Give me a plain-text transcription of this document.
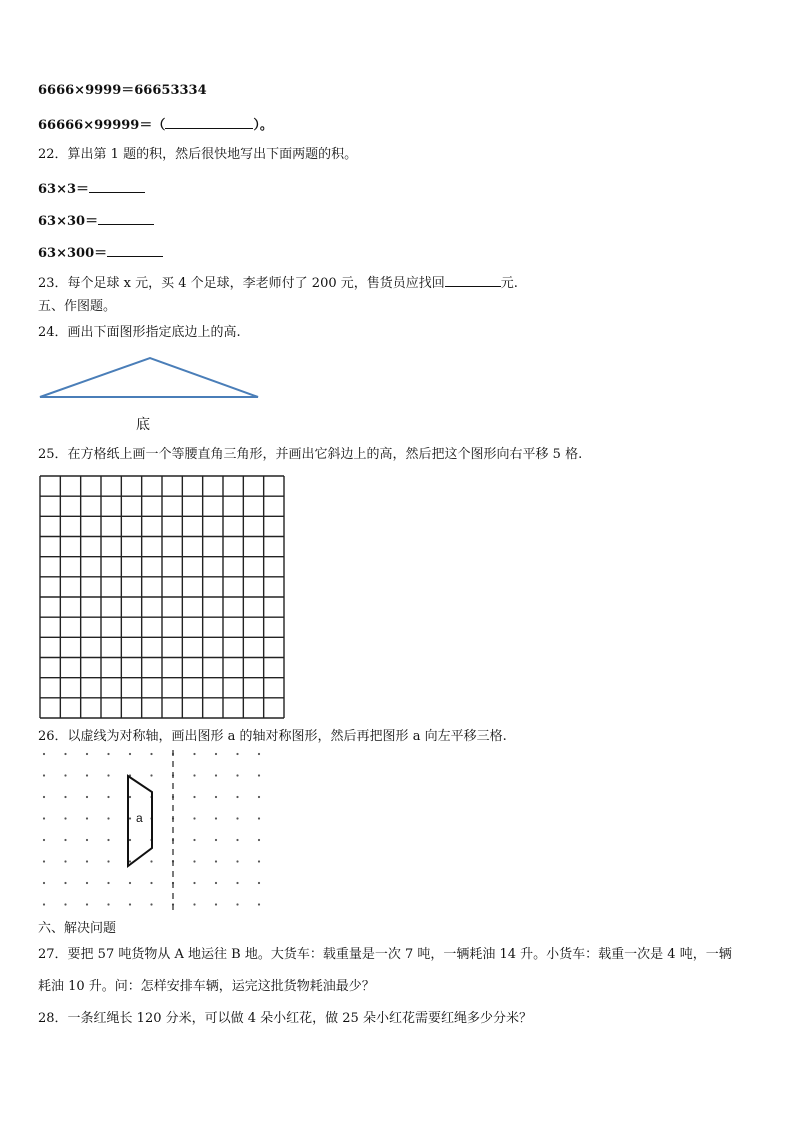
6666×9999＝66653334
66666×99999＝（	）。
22．算出第 1 题的积，然后很快地写出下面两题的积。
63×3＝
63×30＝
63×300＝
23．每个足球 x 元，买 4 个足球，李老师付了 200 元，售货员应找回	元.
五、作图题。
24．画出下面图形指定底边上的高.
底
25．在方格纸上画一个等腰直角三角形，并画出它斜边上的高，然后把这个图形向右平移 5 格.
26．以虚线为对称轴，画出图形 a 的轴对称图形，然后再把图形 a 向左平移三格.
a
六、解决问题
27．要把 57 吨货物从 A 地运往 B 地。大货车：载重量是一次 7 吨，一辆耗油 14 升。小货车：载重一次是 4 吨，一辆
耗油 10 升。问：怎样安排车辆，运完这批货物耗油最少？
28．一条红绳长 120 分米，可以做 4 朵小红花，做 25 朵小红花需要红绳多少分米？
